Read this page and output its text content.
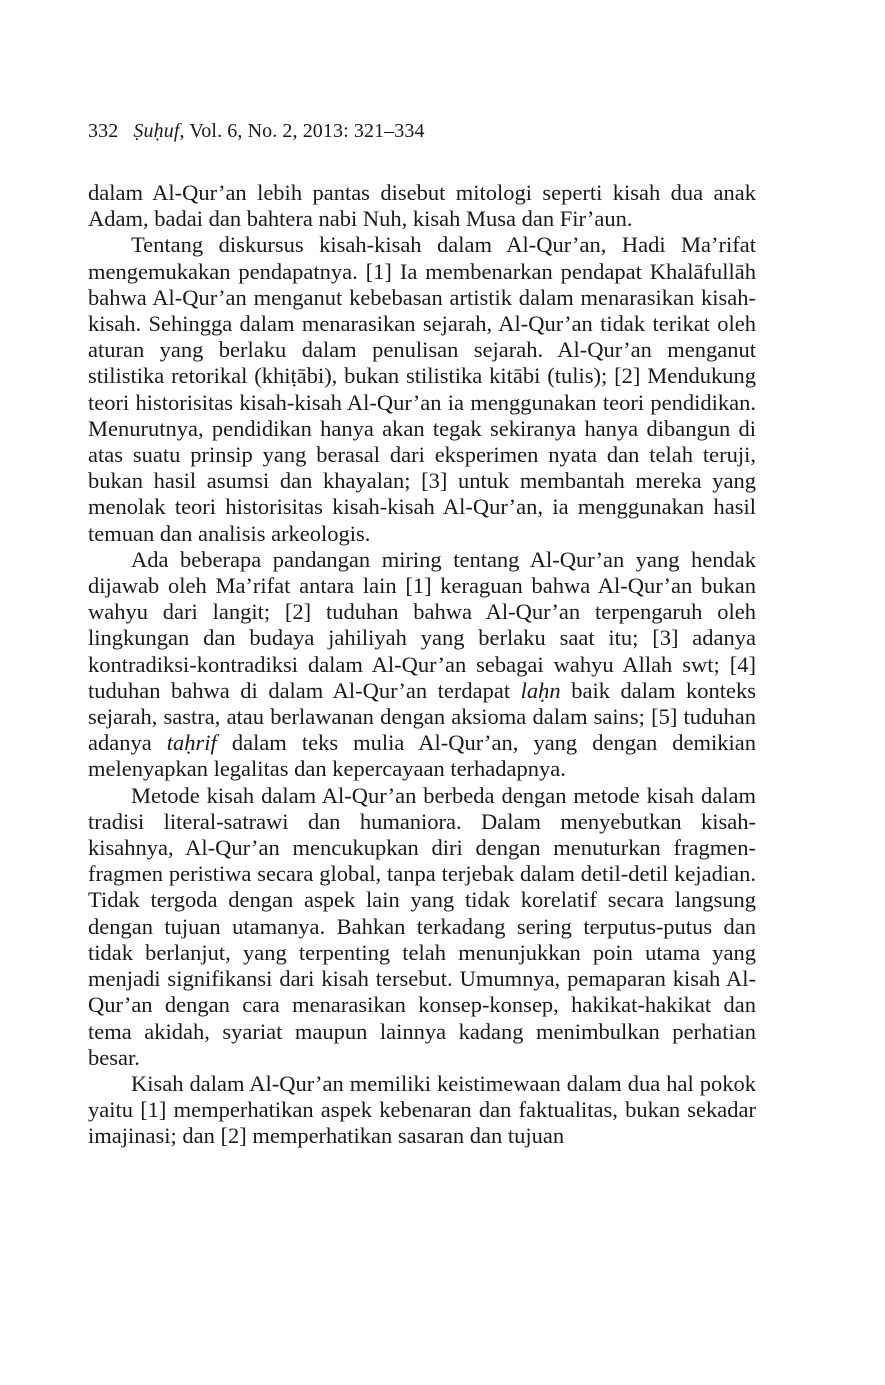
332 Ṣuḥuf, Vol. 6, No. 2, 2013: 321–334

dalam Al-Qur’an lebih pantas disebut mitologi seperti kisah dua anak Adam, badai dan bahtera nabi Nuh, kisah Musa dan Fir’aun.

Tentang diskursus kisah-kisah dalam Al-Qur’an, Hadi Ma’rifat mengemukakan pendapatnya. [1] Ia membenarkan pendapat Khalāfullāh bahwa Al-Qur’an menganut kebebasan artistik dalam menarasikan kisah-kisah. Sehingga dalam menarasikan sejarah, Al-Qur’an tidak terikat oleh aturan yang berlaku dalam penulisan sejarah. Al-Qur’an menganut stilistika retorikal (khiṭābi), bukan stilistika kitābi (tulis); [2] Mendukung teori historisitas kisah-kisah Al-Qur’an ia menggunakan teori pendidikan. Menurutnya, pendidikan hanya akan tegak sekiranya hanya dibangun di atas suatu prinsip yang berasal dari eksperimen nyata dan telah teruji, bukan hasil asumsi dan khayalan; [3] untuk membantah mereka yang menolak teori historisitas kisah-kisah Al-Qur’an, ia menggunakan hasil temuan dan analisis arkeologis.

Ada beberapa pandangan miring tentang Al-Qur’an yang hendak dijawab oleh Ma’rifat antara lain [1] keraguan bahwa Al-Qur’an bukan wahyu dari langit; [2] tuduhan bahwa Al-Qur’an terpengaruh oleh lingkungan dan budaya jahiliyah yang berlaku saat itu; [3] adanya kontradiksi-kontradiksi dalam Al-Qur’an sebagai wahyu Allah swt; [4] tuduhan bahwa di dalam Al-Qur’an terdapat laḥn baik dalam konteks sejarah, sastra, atau berlawanan dengan aksioma dalam sains; [5] tuduhan adanya taḥrif dalam teks mulia Al-Qur’an, yang dengan demikian melenyapkan legalitas dan kepercayaan terhadapnya.

Metode kisah dalam Al-Qur’an berbeda dengan metode kisah dalam tradisi literal-satrawi dan humaniora. Dalam menyebutkan kisah-kisahnya, Al-Qur’an mencukupkan diri dengan menuturkan fragmen-fragmen peristiwa secara global, tanpa terjebak dalam detil-detil kejadian. Tidak tergoda dengan aspek lain yang tidak korelatif secara langsung dengan tujuan utamanya. Bahkan terkadang sering terputus-putus dan tidak berlanjut, yang terpenting telah menunjukkan poin utama yang menjadi signifikansi dari kisah tersebut. Umumnya, pemaparan kisah Al-Qur’an dengan cara menarasikan konsep-konsep, hakikat-hakikat dan tema akidah, syariat maupun lainnya kadang menimbulkan perhatian besar.

Kisah dalam Al-Qur’an memiliki keistimewaan dalam dua hal pokok yaitu [1] memperhatikan aspek kebenaran dan faktualitas, bukan sekadar imajinasi; dan [2] memperhatikan sasaran dan tujuan
